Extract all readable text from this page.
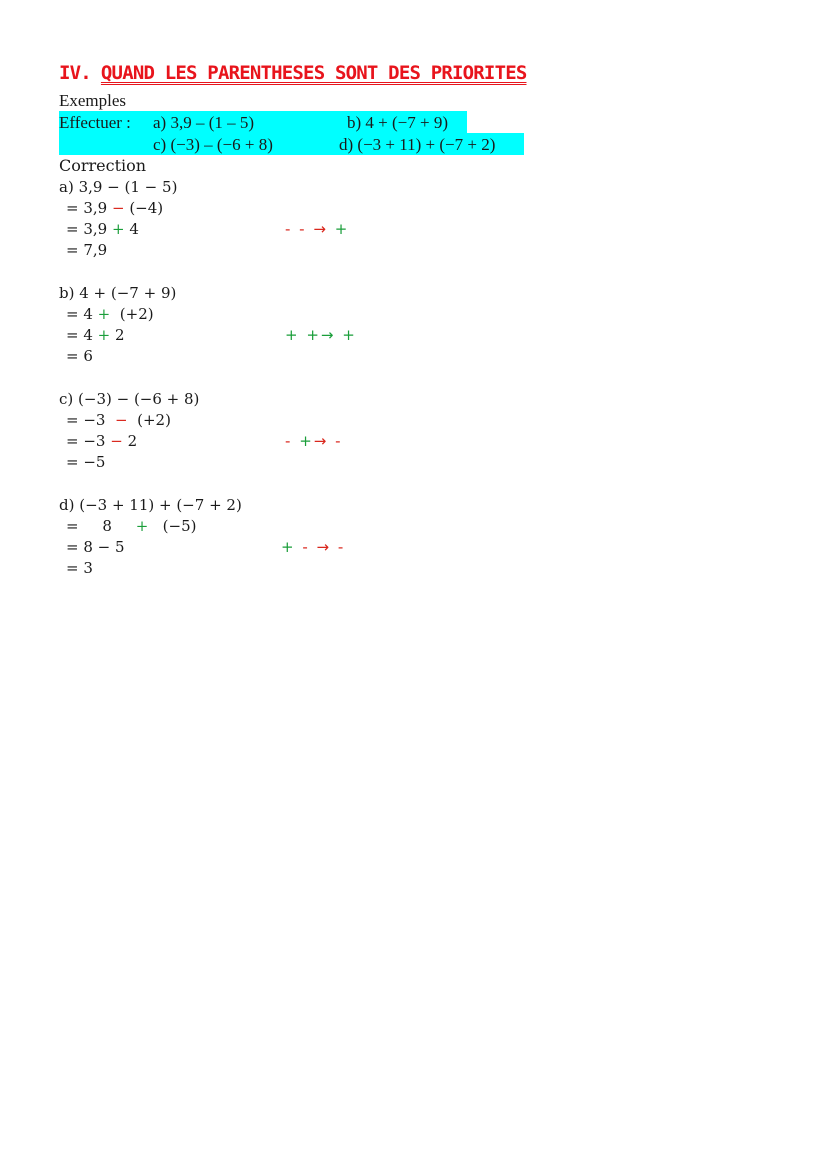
IV. QUAND LES PARENTHESES SONT DES PRIORITES
Exemples
Effectuer : a) 3,9 – (1 – 5)	b) 4 + (−7 + 9)
c) (−3) – (−6 + 8)	d) (−3 + 11) + (−7 + 2)
Correction
a) 3,9 − (1 − 5)
= 3,9 − (−4)
= 3,9 + 4
= 7,9
- - → +
b) 4 + (−7 + 9)
= 4 +  (+2)
= 4 + 2
= 6
+ +→ +
c) (−3) − (−6 + 8)
= −3  −  (+2)
= −3 − 2
= −5
- +→ -
d) (−3 + 11) + (−7 + 2)
=     8     +   (−5)
= 8 − 5
= 3
+ - → -
